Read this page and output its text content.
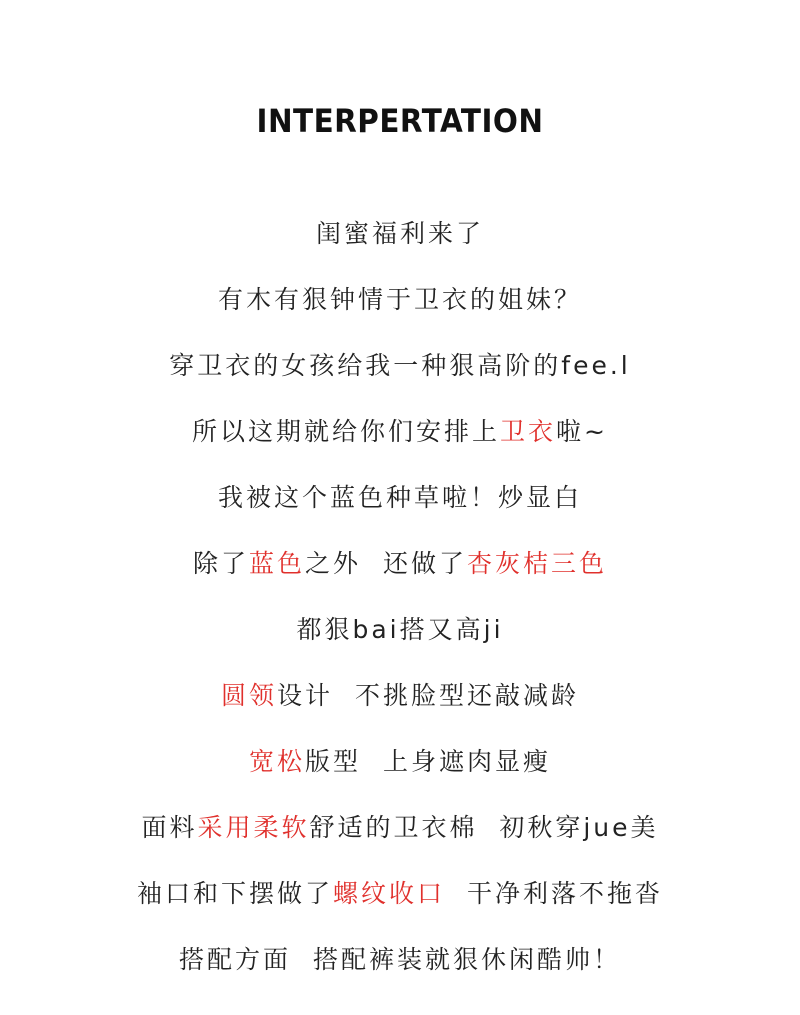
INTERPERTATION
闺蜜福利来了
有木有狠钟情于卫衣的姐妹？
穿卫衣的女孩给我一种狠高阶的fee.l
所以这期就给你们安排上卫衣啦~
我被这个蓝色种草啦！炒显白
除了蓝色之外  还做了杏灰桔三色
都狠bai搭又高ji
圆领设计  不挑脸型还敲减龄
宽松版型  上身遮肉显瘦
面料采用柔软舒适的卫衣棉  初秋穿jue美
袖口和下摆做了螺纹收口  干净利落不拖沓
搭配方面  搭配裤装就狠休闲酷帅！
